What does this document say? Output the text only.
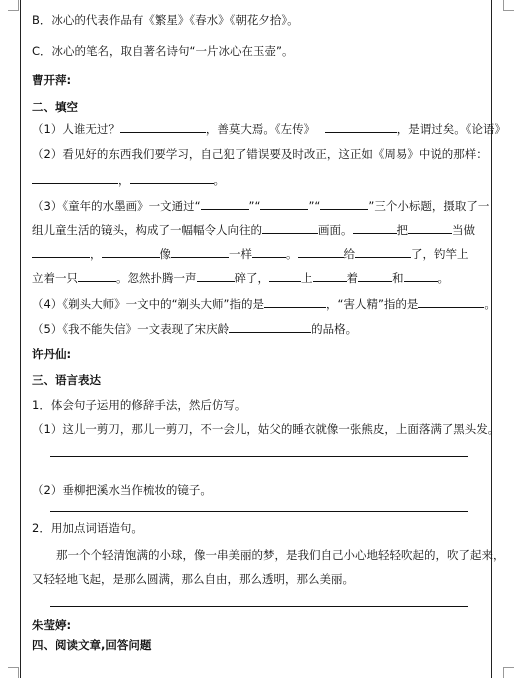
B．冰心的代表作品有《繁星》《春水》《朝花夕拾》。
C．冰心的笔名，取自著名诗句“一片冰心在玉壶”。
曹开萍:
二、填空
（1）人谁无过？	，善莫大焉。《左传》	，是谓过矣。《论语》
（2）看见好的东西我们要学习，自己犯了错误要及时改正，这正如《周易》中说的那样：
，	。
（3）《童年的水墨画》一文通过“	”“	”“	”三个小标题，摄取了一
组儿童生活的镜头，构成了一幅幅令人向往的	画面。	把	当做
，	像	一样	。	给	了，钓竿上
立着一只	。忽然扑腾一声	碎了，	上	着	和	。
（4）《剃头大师》一文中的“剃头大师”指的是	，“害人精”指的是	。
（5）《我不能失信》一文表现了宋庆龄	的品格。
许丹仙:
三、语言表达
1．体会句子运用的修辞手法，然后仿写。
（1）这儿一剪刀，那儿一剪刀，不一会儿，姑父的睡衣就像一张熊皮，上面落满了黑头发。
（2）垂柳把溪水当作梳妆的镜子。
2．用加点词语造句。
那一个个轻清饱满的小球，像一串美丽的梦，是我们自己小心地轻轻吹起的，吹了起来，
又轻轻地飞起，是那么圆满，那么自由，那么透明，那么美丽。
朱莹婷:
四、阅读文章,回答问题
